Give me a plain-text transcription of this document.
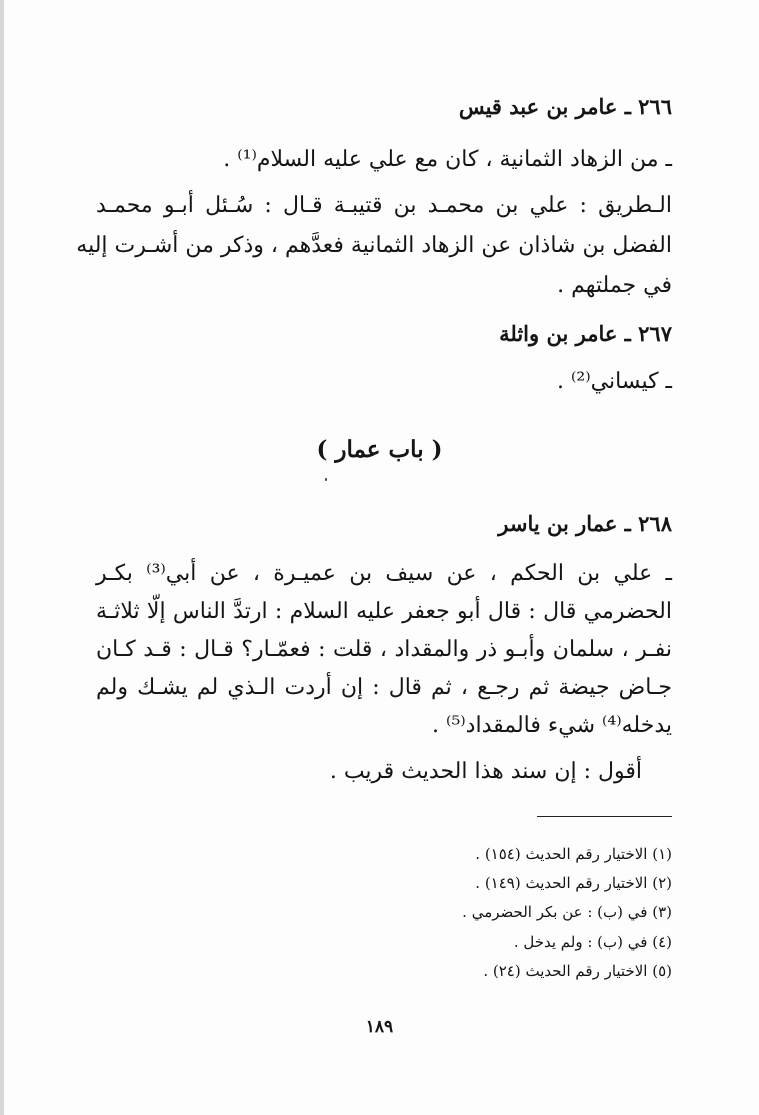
٢٦٦ ـ عامر بن عبد قيس
ـ من الزهاد الثمانية ، كان مع علي عليه السلام⁽¹⁾ .
الـطريق : علي بن محمـد بن قتيبـة قـال : سُـئل أبـو محمـد
الفضل بن شاذان عن الزهاد الثمانية فعدَّهم ، وذكر من أشـرت إليه
في جملتهم .
٢٦٧ ـ عامر بن واثلة
ـ كيساني⁽²⁾ .
٢٦٨ ـ عمار بن ياسر
ـ علي بن الحكم ، عن سيف بن عميـرة ، عن أبي⁽³⁾ بكـر
الحضرمي قال : قال أبو جعفر عليه السلام : ارتدَّ الناس إلّا ثلاثـة
نفـر ، سلمان وأبـو ذر والمقداد ، قلت : فعمّـار؟ قـال : قـد كـان
جـاض جيضة ثم رجـع ، ثم قال : إن أردت الـذي لم يشـك ولم
يدخله⁽⁴⁾ شيء فالمقداد⁽⁵⁾ .
أقول : إن سند هذا الحديث قريب .
( باب عمار )
(١) الاختيار رقم الحديث (١٥٤) .
(٢) الاختيار رقم الحديث (١٤٩) .
(٣) في (ب) : عن بكر الحضرمي .
(٤) في (ب) : ولم يدخل .
(٥) الاختيار رقم الحديث (٢٤) .
١٨٩
